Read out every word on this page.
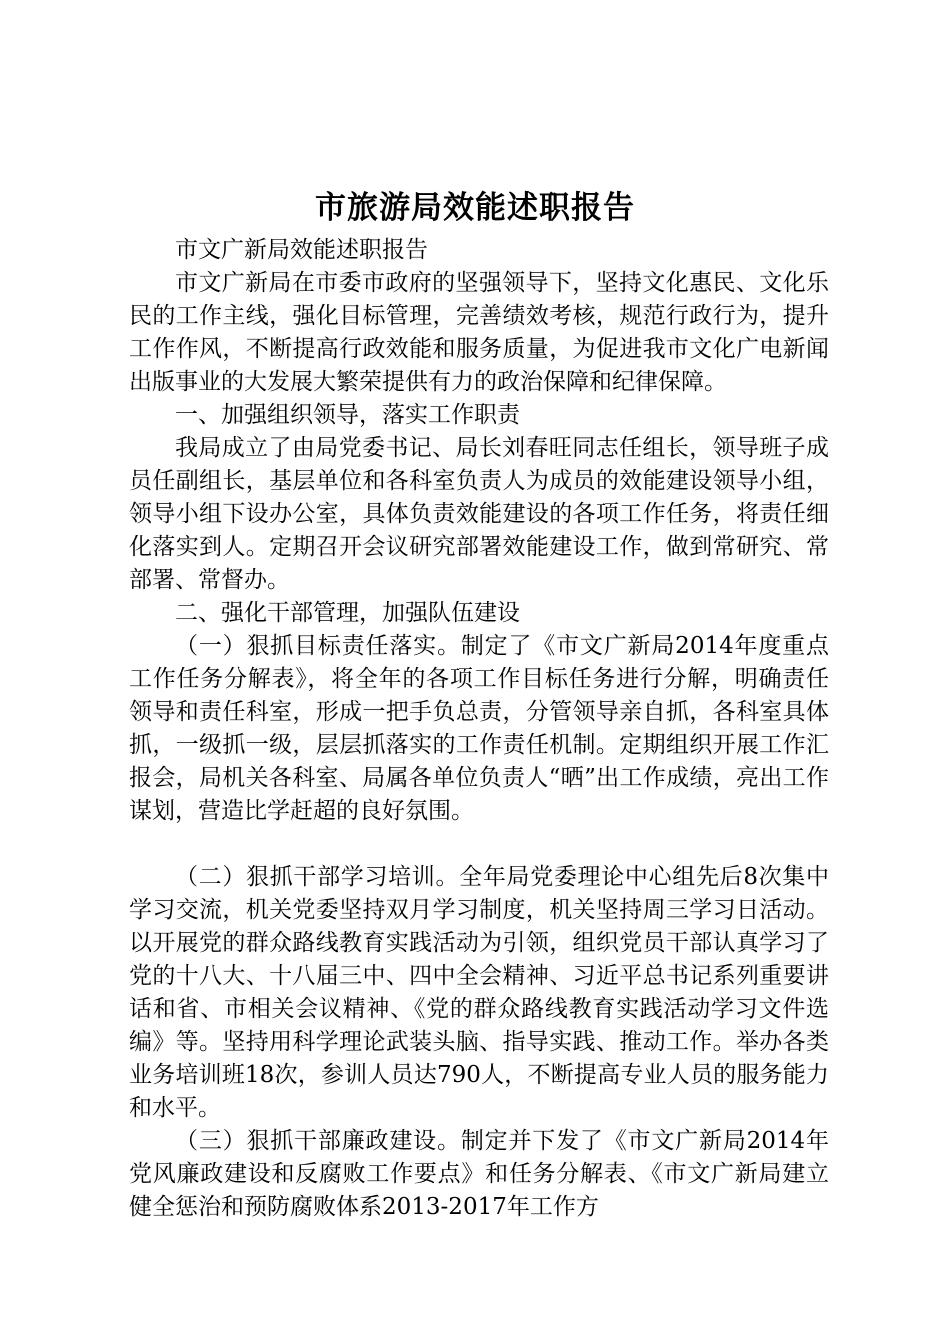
市旅游局效能述职报告

市文广新局效能述职报告

市文广新局在市委市政府的坚强领导下，坚持文化惠民、文化乐民的工作主线，强化目标管理，完善绩效考核，规范行政行为，提升工作作风，不断提高行政效能和服务质量，为促进我市文化广电新闻出版事业的大发展大繁荣提供有力的政治保障和纪律保障。

一、加强组织领导，落实工作职责

我局成立了由局党委书记、局长刘春旺同志任组长，领导班子成员任副组长，基层单位和各科室负责人为成员的效能建设领导小组，领导小组下设办公室，具体负责效能建设的各项工作任务，将责任细化落实到人。定期召开会议研究部署效能建设工作，做到常研究、常部署、常督办。

二、强化干部管理，加强队伍建设

（一）狠抓目标责任落实。制定了《市文广新局2014年度重点工作任务分解表》，将全年的各项工作目标任务进行分解，明确责任领导和责任科室，形成一把手负总责，分管领导亲自抓，各科室具体抓，一级抓一级，层层抓落实的工作责任机制。定期组织开展工作汇报会，局机关各科室、局属各单位负责人“晒”出工作成绩，亮出工作谋划，营造比学赶超的良好氛围。

（二）狠抓干部学习培训。全年局党委理论中心组先后8次集中学习交流，机关党委坚持双月学习制度，机关坚持周三学习日活动。以开展党的群众路线教育实践活动为引领，组织党员干部认真学习了党的十八大、十八届三中、四中全会精神、习近平总书记系列重要讲话和省、市相关会议精神、《党的群众路线教育实践活动学习文件选编》等。坚持用科学理论武装头脑、指导实践、推动工作。举办各类业务培训班18次，参训人员达790人，不断提高专业人员的服务能力和水平。

（三）狠抓干部廉政建设。制定并下发了《市文广新局2014年党风廉政建设和反腐败工作要点》和任务分解表、《市文广新局建立健全惩治和预防腐败体系2013-2017年工作方
